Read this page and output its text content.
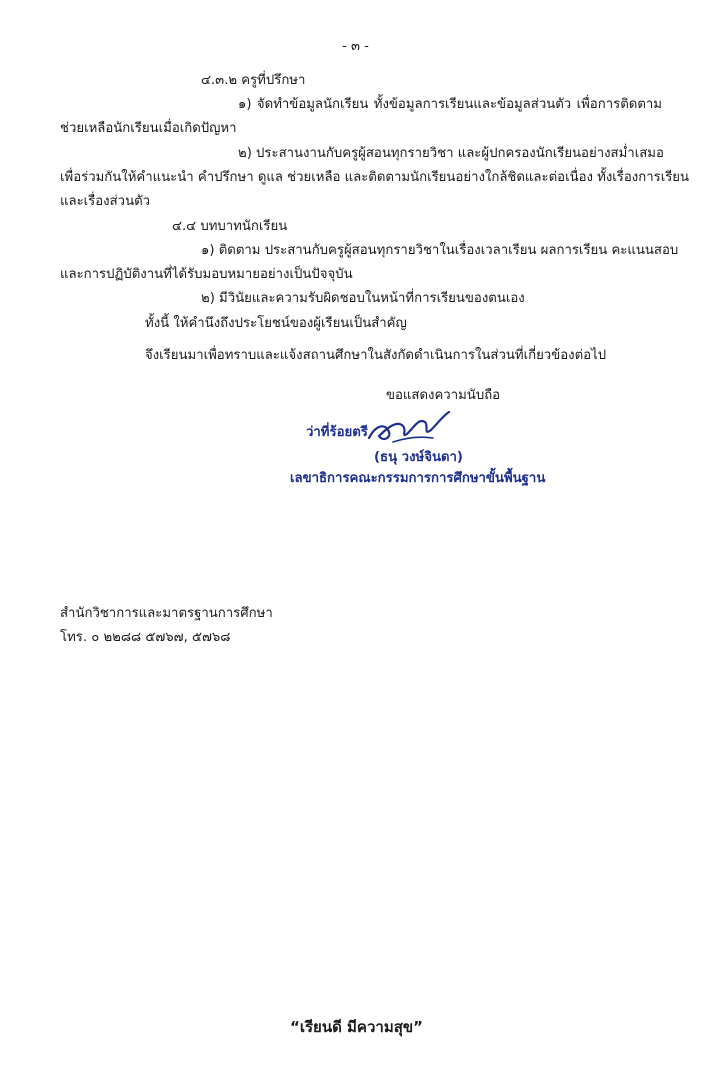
- ๓ -
๔.๓.๒ ครูที่ปรึกษา
๑) จัดทำข้อมูลนักเรียน ทั้งข้อมูลการเรียนและข้อมูลส่วนตัว เพื่อการติดตาม
ช่วยเหลือนักเรียนเมื่อเกิดปัญหา
๒) ประสานงานกับครูผู้สอนทุกรายวิชา และผู้ปกครองนักเรียนอย่างสม่ำเสมอ
เพื่อร่วมกันให้คำแนะนำ คำปรึกษา ดูแล ช่วยเหลือ และติดตามนักเรียนอย่างใกล้ชิดและต่อเนื่อง ทั้งเรื่องการเรียน
และเรื่องส่วนตัว
๔.๔ บทบาทนักเรียน
๑) ติดตาม ประสานกับครูผู้สอนทุกรายวิชาในเรื่องเวลาเรียน ผลการเรียน คะแนนสอบ
และการปฏิบัติงานที่ได้รับมอบหมายอย่างเป็นปัจจุบัน
๒) มีวินัยและความรับผิดชอบในหน้าที่การเรียนของตนเอง
ทั้งนี้ ให้คำนึงถึงประโยชน์ของผู้เรียนเป็นสำคัญ
จึงเรียนมาเพื่อทราบและแจ้งสถานศึกษาในสังกัดดำเนินการในส่วนที่เกี่ยวข้องต่อไป
ขอแสดงความนับถือ
ว่าที่ร้อยตรี
(ธนุ วงษ์จินดา)
เลขาธิการคณะกรรมการการศึกษาขั้นพื้นฐาน
สำนักวิชาการและมาตรฐานการศึกษา
โทร. ๐ ๒๒๘๘ ๕๗๖๗, ๕๗๖๘
“เรียนดี มีความสุข”
